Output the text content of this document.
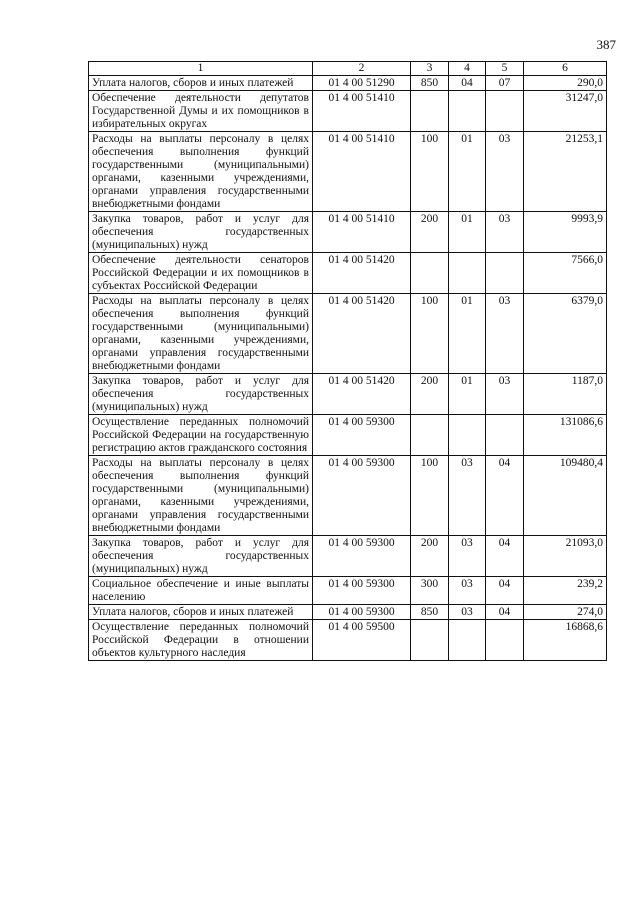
387
1	2	3	4	5	6
Уплата налогов, сборов и иных платежей	01 4 00 51290	850	04	07	290,0
Обеспечение деятельности депутатов Государственной Думы и их помощников в избирательных округах	01 4 00 51410				31247,0
Расходы на выплаты персоналу в целях обеспечения выполнения функций государственными (муниципальными) органами, казенными учреждениями, органами управления государственными внебюджетными фондами	01 4 00 51410	100	01	03	21253,1
Закупка товаров, работ и услуг для обеспечения государственных (муниципальных) нужд	01 4 00 51410	200	01	03	9993,9
Обеспечение деятельности сенаторов Российской Федерации и их помощников в субъектах Российской Федерации	01 4 00 51420				7566,0
Расходы на выплаты персоналу в целях обеспечения выполнения функций государственными (муниципальными) органами, казенными учреждениями, органами управления государственными внебюджетными фондами	01 4 00 51420	100	01	03	6379,0
Закупка товаров, работ и услуг для обеспечения государственных (муниципальных) нужд	01 4 00 51420	200	01	03	1187,0
Осуществление переданных полномочий Российской Федерации на государственную регистрацию актов гражданского состояния	01 4 00 59300				131086,6
Расходы на выплаты персоналу в целях обеспечения выполнения функций государственными (муниципальными) органами, казенными учреждениями, органами управления государственными внебюджетными фондами	01 4 00 59300	100	03	04	109480,4
Закупка товаров, работ и услуг для обеспечения государственных (муниципальных) нужд	01 4 00 59300	200	03	04	21093,0
Социальное обеспечение и иные выплаты населению	01 4 00 59300	300	03	04	239,2
Уплата налогов, сборов и иных платежей	01 4 00 59300	850	03	04	274,0
Осуществление переданных полномочий Российской Федерации в отношении объектов культурного наследия	01 4 00 59500				16868,6
